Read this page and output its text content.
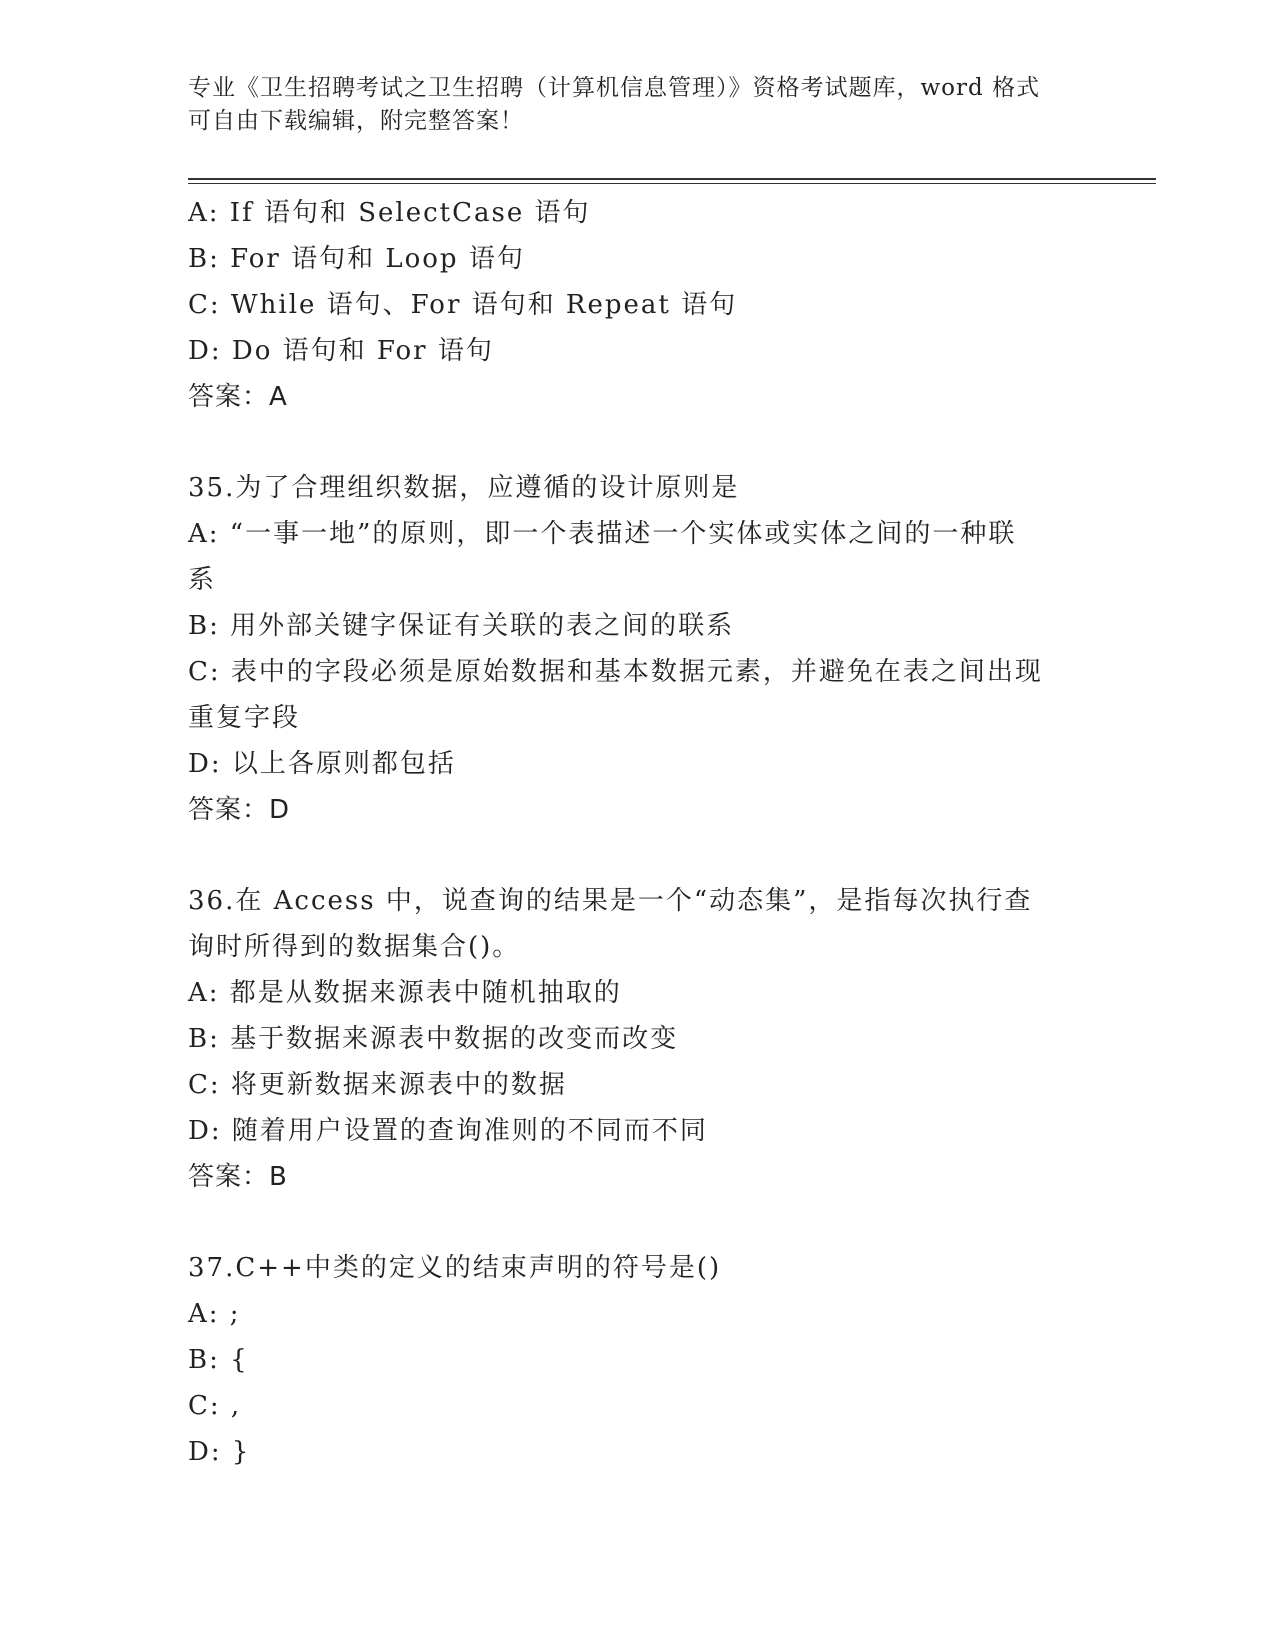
专业《卫生招聘考试之卫生招聘（计算机信息管理）》资格考试题库，word 格式
可自由下载编辑，附完整答案！
A: If 语句和 SelectCase 语句
B: For 语句和 Loop 语句
C: While 语句、For 语句和 Repeat 语句
D: Do 语句和 For 语句
答案：A
35.为了合理组织数据，应遵循的设计原则是
A: “一事一地”的原则，即一个表描述一个实体或实体之间的一种联
系
B: 用外部关键字保证有关联的表之间的联系
C: 表中的字段必须是原始数据和基本数据元素，并避免在表之间出现
重复字段
D: 以上各原则都包括
答案：D
36.在 Access 中，说查询的结果是一个“动态集”，是指每次执行查
询时所得到的数据集合()。
A: 都是从数据来源表中随机抽取的
B: 基于数据来源表中数据的改变而改变
C: 将更新数据来源表中的数据
D: 随着用户设置的查询准则的不同而不同
答案：B
37.C++中类的定义的结束声明的符号是()
A: ;
B: {
C: ,
D: }
